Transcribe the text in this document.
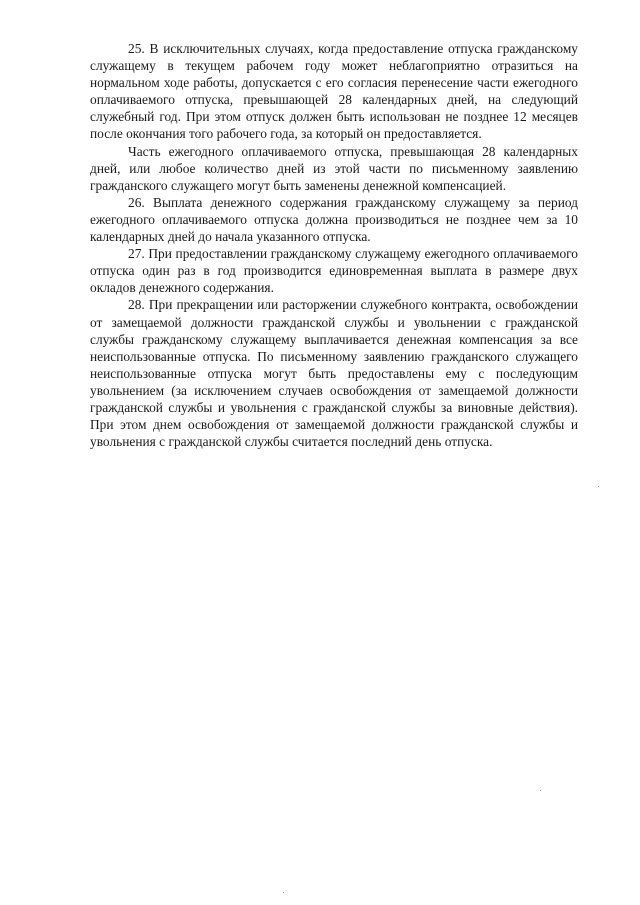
25. В исключительных случаях, когда предоставление отпуска гражданскому служащему в текущем рабочем году может неблагоприятно отразиться на нормальном ходе работы, допускается с его согласия перенесение части ежегодного оплачиваемого отпуска, превышающей 28 календарных дней, на следующий служебный год. При этом отпуск должен быть использован не позднее 12 месяцев после окончания того рабочего года, за который он предоставляется.

Часть ежегодного оплачиваемого отпуска, превышающая 28 календарных дней, или любое количество дней из этой части по письменному заявлению гражданского служащего могут быть заменены денежной компенсацией.

26. Выплата денежного содержания гражданскому служащему за период ежегодного оплачиваемого отпуска должна производиться не позднее чем за 10 календарных дней до начала указанного отпуска.

27. При предоставлении гражданскому служащему ежегодного оплачиваемого отпуска один раз в год производится единовременная выплата в размере двух окладов денежного содержания.

28. При прекращении или расторжении служебного контракта, освобождении от замещаемой должности гражданской службы и увольнении с гражданской службы гражданскому служащему выплачивается денежная компенсация за все неиспользованные отпуска. По письменному заявлению гражданского служащего неиспользованные отпуска могут быть предоставлены ему с последующим увольнением (за исключением случаев освобождения от замещаемой должности гражданской службы и увольнения с гражданской службы за виновные действия). При этом днем освобождения от замещаемой должности гражданской службы и увольнения с гражданской службы считается последний день отпуска.
